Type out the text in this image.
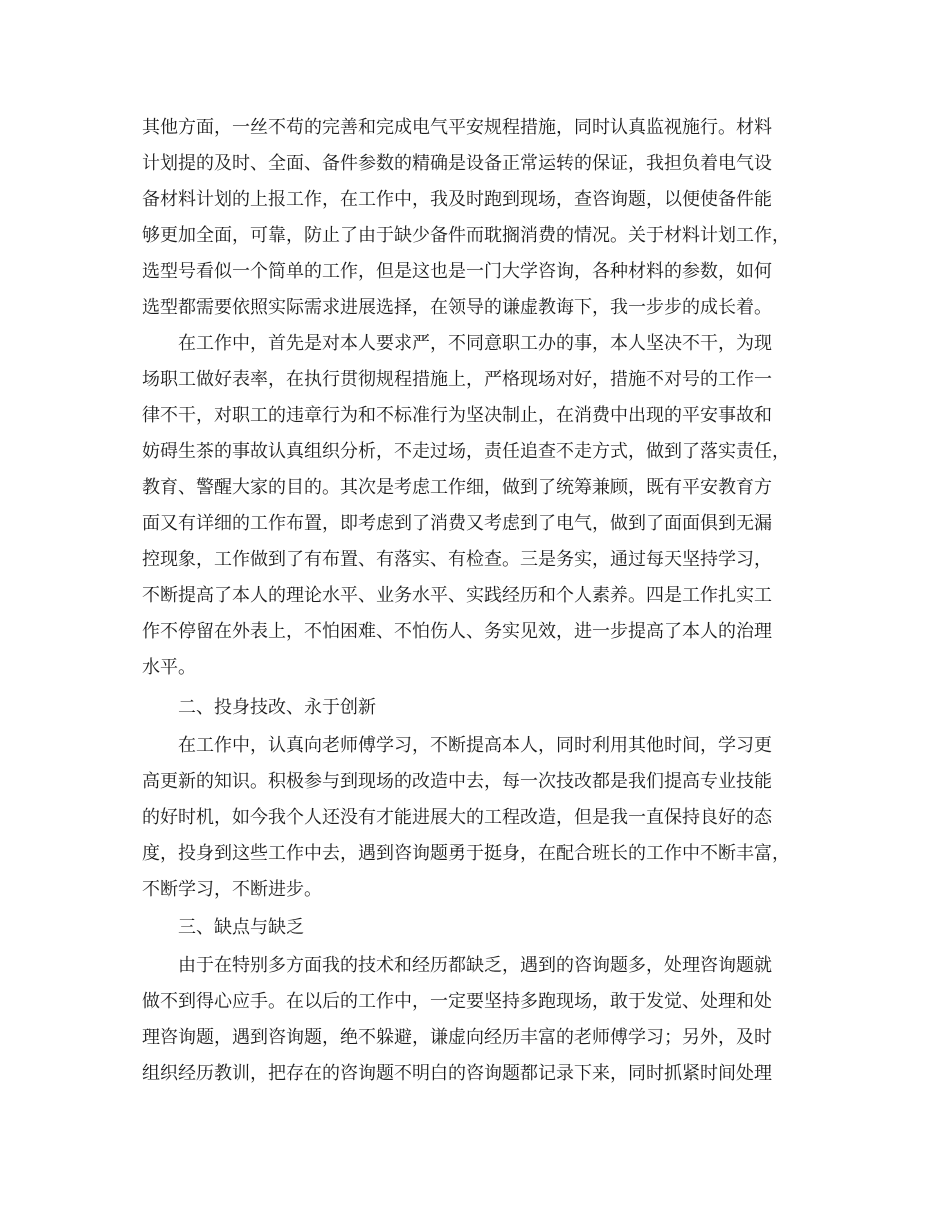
其他方面，一丝不苟的完善和完成电气平安规程措施，同时认真监视施行。材料
计划提的及时、全面、备件参数的精确是设备正常运转的保证，我担负着电气设
备材料计划的上报工作，在工作中，我及时跑到现场，查咨询题，以便使备件能
够更加全面，可靠，防止了由于缺少备件而耽搁消费的情况。关于材料计划工作，
选型号看似一个简单的工作，但是这也是一门大学咨询，各种材料的参数，如何
选型都需要依照实际需求进展选择，在领导的谦虚教诲下，我一步步的成长着。
在工作中，首先是对本人要求严，不同意职工办的事，本人坚决不干，为现
场职工做好表率，在执行贯彻规程措施上，严格现场对好，措施不对号的工作一
律不干，对职工的违章行为和不标准行为坚决制止，在消费中出现的平安事故和
妨碍生茶的事故认真组织分析，不走过场，责任追查不走方式，做到了落实责任，
教育、警醒大家的目的。其次是考虑工作细，做到了统筹兼顾，既有平安教育方
面又有详细的工作布置，即考虑到了消费又考虑到了电气，做到了面面俱到无漏
控现象，工作做到了有布置、有落实、有检查。三是务实，通过每天坚持学习，
不断提高了本人的理论水平、业务水平、实践经历和个人素养。四是工作扎实工
作不停留在外表上，不怕困难、不怕伤人、务实见效，进一步提高了本人的治理
水平。
二、投身技改、永于创新
在工作中，认真向老师傅学习，不断提高本人，同时利用其他时间，学习更
高更新的知识。积极参与到现场的改造中去，每一次技改都是我们提高专业技能
的好时机，如今我个人还没有才能进展大的工程改造，但是我一直保持良好的态
度，投身到这些工作中去，遇到咨询题勇于挺身，在配合班长的工作中不断丰富，
不断学习，不断进步。
三、缺点与缺乏
由于在特别多方面我的技术和经历都缺乏，遇到的咨询题多，处理咨询题就
做不到得心应手。在以后的工作中，一定要坚持多跑现场，敢于发觉、处理和处
理咨询题，遇到咨询题，绝不躲避，谦虚向经历丰富的老师傅学习；另外，及时
组织经历教训，把存在的咨询题不明白的咨询题都记录下来，同时抓紧时间处理
